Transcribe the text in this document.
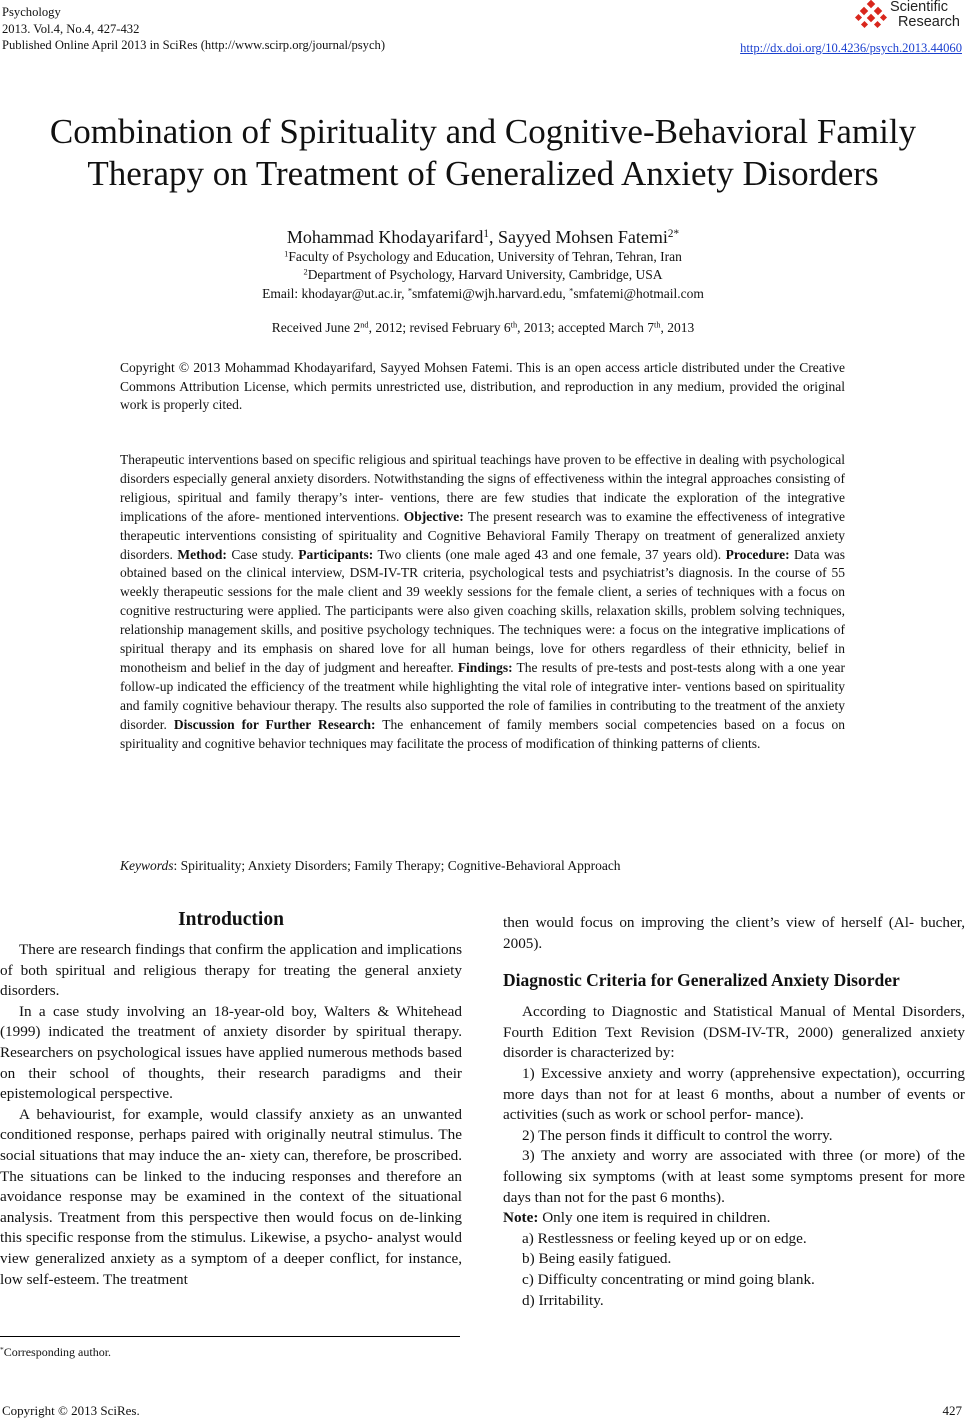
Psychology
2013. Vol.4, No.4, 427-432
Published Online April 2013 in SciRes (http://www.scirp.org/journal/psych)	http://dx.doi.org/10.4236/psych.2013.44060
Scientific
Research
Combination of Spirituality and Cognitive-Behavioral Family
Therapy on Treatment of Generalized Anxiety Disorders
Mohammad Khodayarifard$^1$, Sayyed Mohsen Fatemi$^{2*}$
$^1$Faculty of Psychology and Education, University of Tehran, Tehran, Iran
$^2$Department of Psychology, Harvard University, Cambridge, USA
Email: khodayar@ut.ac.ir, *smfatemi@wjh.harvard.edu, *smfatemi@hotmail.com
Received June 2nd, 2012; revised February 6th, 2013; accepted March 7th, 2013
Copyright © 2013 Mohammad Khodayarifard, Sayyed Mohsen Fatemi. This is an open access article distributed under the Creative Commons Attribution License, which permits unrestricted use, distribution, and reproduction in any medium, provided the original work is properly cited.
Therapeutic interventions based on specific religious and spiritual teachings have proven to be effective in dealing with psychological disorders especially general anxiety disorders. Notwithstanding the signs of effectiveness within the integral approaches consisting of religious, spiritual and family therapy’s inter- ventions, there are few studies that indicate the exploration of the integrative implications of the afore- mentioned interventions. Objective: The present research was to examine the effectiveness of integrative therapeutic interventions consisting of spirituality and Cognitive Behavioral Family Therapy on treatment of generalized anxiety disorders. Method: Case study. Participants: Two clients (one male aged 43 and one female, 37 years old). Procedure: Data was obtained based on the clinical interview, DSM-IV-TR criteria, psychological tests and psychiatrist’s diagnosis. In the course of 55 weekly therapeutic sessions for the male client and 39 weekly sessions for the female client, a series of techniques with a focus on cognitive restructuring were applied. The participants were also given coaching skills, relaxation skills, problem solving techniques, relationship management skills, and positive psychology techniques. The techniques were: a focus on the integrative implications of spiritual therapy and its emphasis on shared love for all human beings, love for others regardless of their ethnicity, belief in monotheism and belief in the day of judgment and hereafter. Findings: The results of pre-tests and post-tests along with a one year follow-up indicated the efficiency of the treatment while highlighting the vital role of integrative inter- ventions based on spirituality and family cognitive behaviour therapy. The results also supported the role of families in contributing to the treatment of the anxiety disorder. Discussion for Further Research: The enhancement of family members social competencies based on a focus on spirituality and cognitive behavior techniques may facilitate the process of modification of thinking patterns of clients.
Keywords: Spirituality; Anxiety Disorders; Family Therapy; Cognitive-Behavioral Approach
Introduction

There are research findings that confirm the application and implications of both spiritual and religious therapy for treating the general anxiety disorders.

In a case study involving an 18-year-old boy, Walters & Whitehead (1999) indicated the treatment of anxiety disorder by spiritual therapy. Researchers on psychological issues have applied numerous methods based on their school of thoughts, their research paradigms and their epistemological perspective.

A behaviourist, for example, would classify anxiety as an unwanted conditioned response, perhaps paired with originally neutral stimulus. The social situations that may induce the an- xiety can, therefore, be proscribed. The situations can be linked to the inducing responses and therefore an avoidance response may be examined in the context of the situational analysis. Treatment from this perspective then would focus on de-linking this specific response from the stimulus. Likewise, a psycho- analyst would view generalized anxiety as a symptom of a deeper conflict, for instance, low self-esteem. The treatment

then would focus on improving the client’s view of herself (Al- bucher, 2005).

Diagnostic Criteria for Generalized Anxiety Disorder

According to Diagnostic and Statistical Manual of Mental Disorders, Fourth Edition Text Revision (DSM-IV-TR, 2000) generalized anxiety disorder is characterized by:

1) Excessive anxiety and worry (apprehensive expectation), occurring more days than not for at least 6 months, about a number of events or activities (such as work or school perfor- mance).

2) The person finds it difficult to control the worry.

3) The anxiety and worry are associated with three (or more) of the following six symptoms (with at least some symptoms present for more days than not for the past 6 months).

Note: Only one item is required in children.

a) Restlessness or feeling keyed up or on edge.

b) Being easily fatigued.

c) Difficulty concentrating or mind going blank.

d) Irritability.

*Corresponding author.
Copyright © 2013 SciRes.	427
